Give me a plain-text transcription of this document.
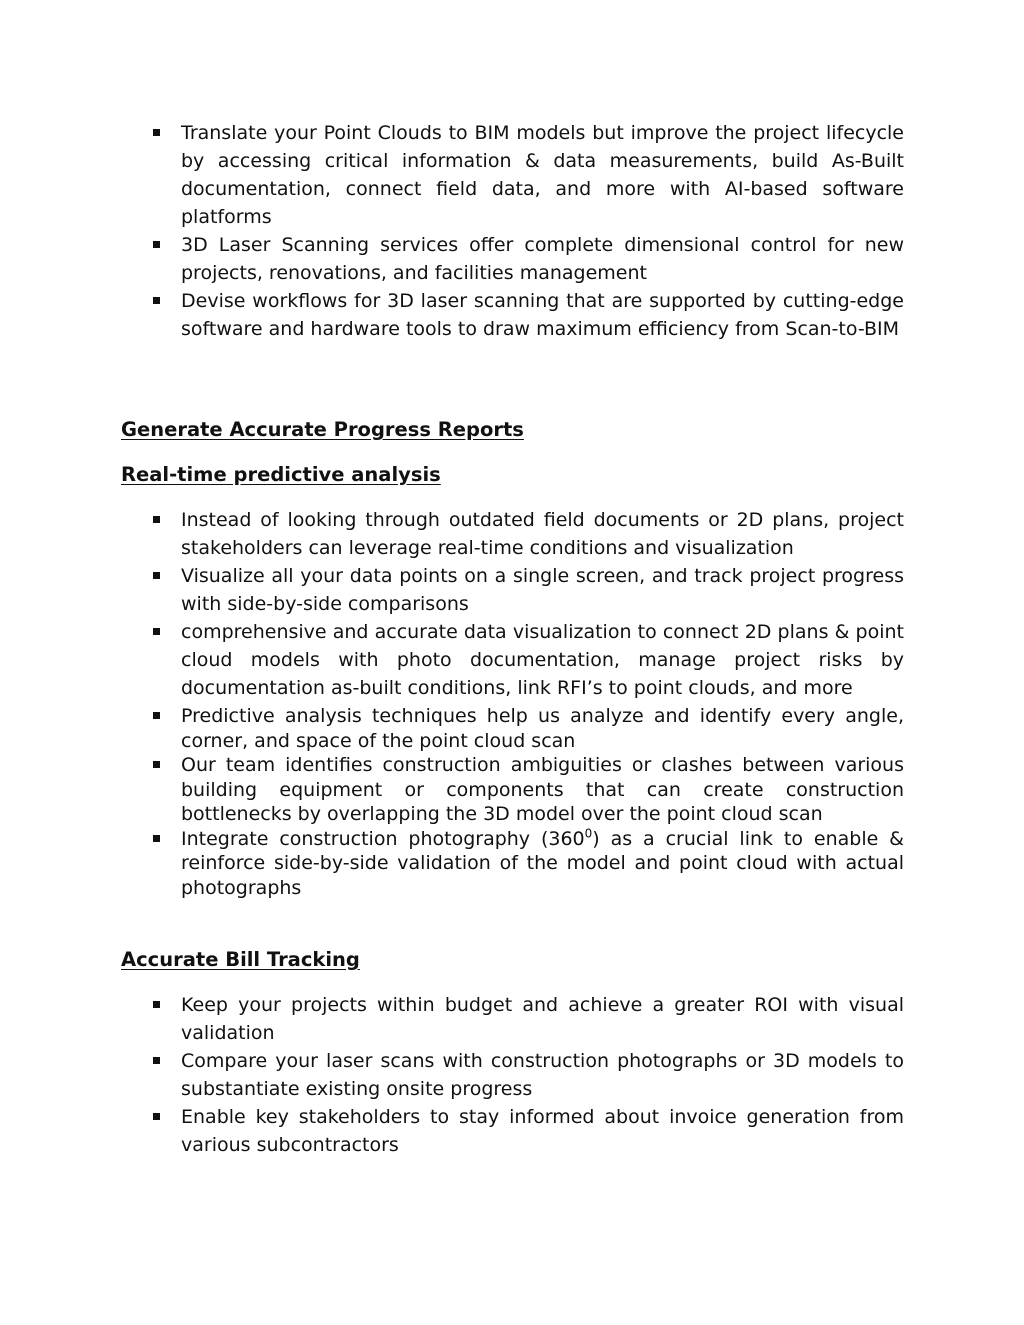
Translate your Point Clouds to BIM models but improve the project lifecycle by accessing critical information & data measurements, build As-Built documentation, connect field data, and more with AI-based software platforms
3D Laser Scanning services offer complete dimensional control for new projects, renovations, and facilities management
Devise workflows for 3D laser scanning that are supported by cutting-edge software and hardware tools to draw maximum efficiency from Scan-to-BIM
Generate Accurate Progress Reports
Real-time predictive analysis
Instead of looking through outdated field documents or 2D plans, project stakeholders can leverage real-time conditions and visualization
Visualize all your data points on a single screen, and track project progress with side-by-side comparisons
comprehensive and accurate data visualization to connect 2D plans & point cloud models with photo documentation, manage project risks by documentation as-built conditions, link RFI’s to point clouds, and more
Predictive analysis techniques help us analyze and identify every angle, corner, and space of the point cloud scan
Our team identifies construction ambiguities or clashes between various building equipment or components that can create construction bottlenecks by overlapping the 3D model over the point cloud scan
Integrate construction photography $(360^0)$ as a crucial link to enable & reinforce side-by-side validation of the model and point cloud with actual photographs
Accurate Bill Tracking
Keep your projects within budget and achieve a greater ROI with visual validation
Compare your laser scans with construction photographs or 3D models to substantiate existing onsite progress
Enable key stakeholders to stay informed about invoice generation from various subcontractors
